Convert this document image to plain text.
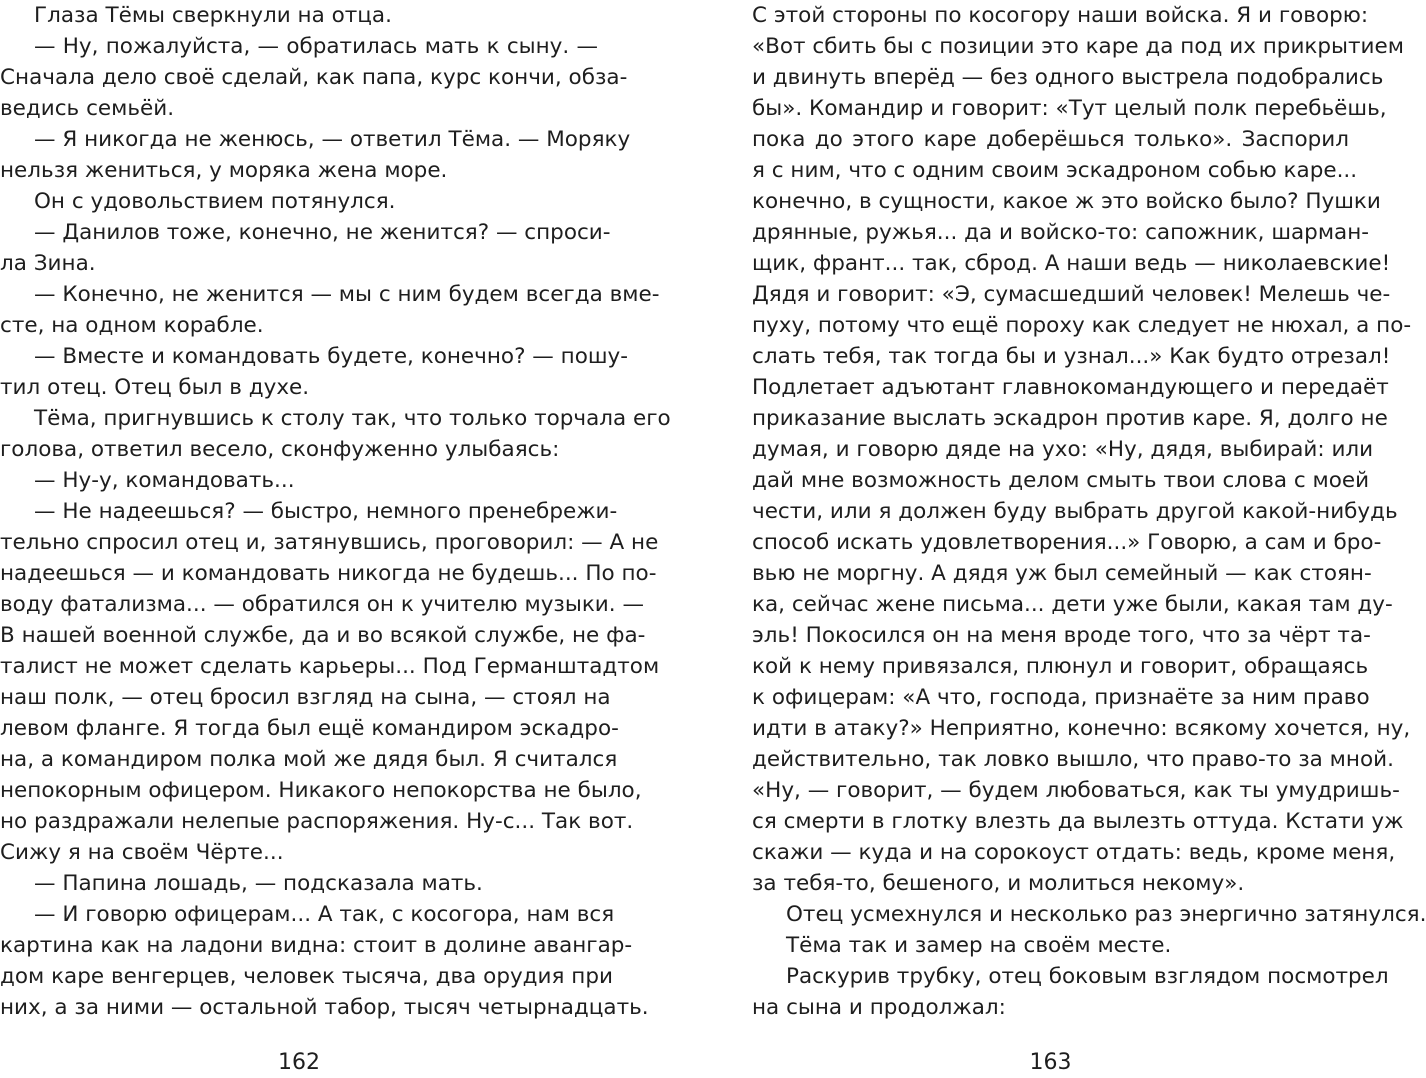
Глаза Тёмы сверкнули на отца.
— Ну, пожалуйста, — обратилась мать к сыну. —
Сначала дело своё сделай, как папа, курс кончи, обза-
ведись семьёй.
— Я никогда не женюсь, — ответил Тёма. — Моряку
нельзя жениться, у моряка жена море.
Он с удовольствием потянулся.
— Данилов тоже, конечно, не женится? — спроси-
ла Зина.
— Конечно, не женится — мы с ним будем всегда вме-
сте, на одном корабле.
— Вместе и командовать будете, конечно? — пошу-
тил отец. Отец был в духе.
Тёма, пригнувшись к столу так, что только торчала его
голова, ответил весело, сконфуженно улыбаясь:
— Ну-у, командовать...
— Не надеешься? — быстро, немного пренебрежи-
тельно спросил отец и, затянувшись, проговорил: — А не
надеешься — и командовать никогда не будешь... По по-
воду фатализма... — обратился он к учителю музыки. —
В нашей военной службе, да и во всякой службе, не фа-
талист не может сделать карьеры... Под Германштадтом
наш полк, — отец бросил взгляд на сына, — стоял на
левом фланге. Я тогда был ещё командиром эскадро-
на, а командиром полка мой же дядя был. Я считался
непокорным офицером. Никакого непокорства не было,
но раздражали нелепые распоряжения. Ну-с... Так вот.
Сижу я на своём Чёрте...
— Папина лошадь, — подсказала мать.
— И говорю офицерам... А так, с косогора, нам вся
картина как на ладони видна: стоит в долине авангар-
дом каре венгерцев, человек тысяча, два орудия при
них, а за ними — остальной табор, тысяч четырнадцать.
162
С этой стороны по косогору наши войска. Я и говорю:
«Вот сбить бы с позиции это каре да под их прикрытием
и двинуть вперёд — без одного выстрела подобрались
бы». Командир и говорит: «Тут целый полк перебьёшь,
пока до этого каре доберёшься только». Заспорил
я с ним, что с одним своим эскадроном собью каре...
конечно, в сущности, какое ж это войско было? Пушки
дрянные, ружья... да и войско-то: сапожник, шарман-
щик, франт... так, сброд. А наши ведь — николаевские!
Дядя и говорит: «Э, сумасшедший человек! Мелешь че-
пуху, потому что ещё пороху как следует не нюхал, а по-
слать тебя, так тогда бы и узнал...» Как будто отрезал!
Подлетает адъютант главнокомандующего и передаёт
приказание выслать эскадрон против каре. Я, долго не
думая, и говорю дяде на ухо: «Ну, дядя, выбирай: или
дай мне возможность делом смыть твои слова с моей
чести, или я должен буду выбрать другой какой-нибудь
способ искать удовлетворения...» Говорю, а сам и бро-
вью не моргну. А дядя уж был семейный — как стоян-
ка, сейчас жене письма... дети уже были, какая там ду-
эль! Покосился он на меня вроде того, что за чёрт та-
кой к нему привязался, плюнул и говорит, обращаясь
к офицерам: «А что, господа, признаёте за ним право
идти в атаку?» Неприятно, конечно: всякому хочется, ну,
действительно, так ловко вышло, что право-то за мной.
«Ну, — говорит, — будем любоваться, как ты умудришь-
ся смерти в глотку влезть да вылезть оттуда. Кстати уж
скажи — куда и на сорокоуст отдать: ведь, кроме меня,
за тебя-то, бешеного, и молиться некому».
Отец усмехнулся и несколько раз энергично затянулся.
Тёма так и замер на своём месте.
Раскурив трубку, отец боковым взглядом посмотрел
на сына и продолжал:
163
